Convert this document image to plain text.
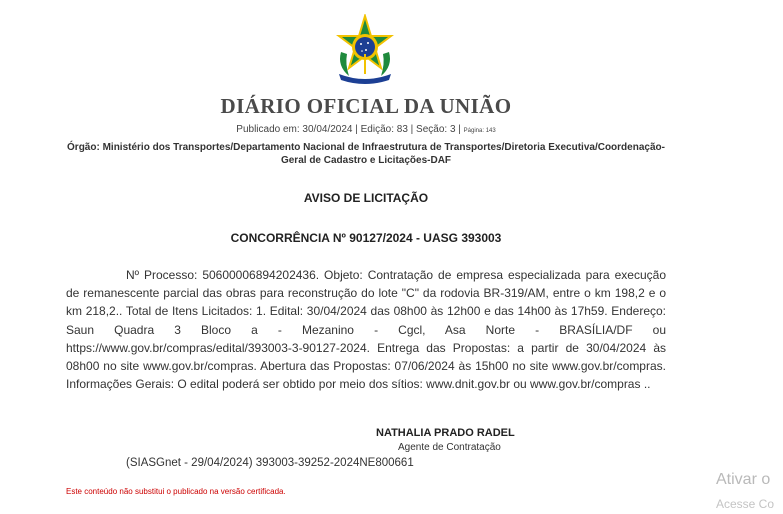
DIÁRIO OFICIAL DA UNIÃO
Publicado em: 30/04/2024 | Edição: 83 | Seção: 3 | Página: 143
Órgão: Ministério dos Transportes/Departamento Nacional de Infraestrutura de Transportes/Diretoria Executiva/Coordenação-Geral de Cadastro e Licitações-DAF
AVISO DE LICITAÇÃO
CONCORRÊNCIA Nº 90127/2024 - UASG 393003

Nº Processo: 50600006894202436. Objeto: Contratação de empresa especializada para execução de remanescente parcial das obras para reconstrução do lote "C" da rodovia BR-319/AM, entre o km 198,2 e o km 218,2.. Total de Itens Licitados: 1. Edital: 30/04/2024 das 08h00 às 12h00 e das 14h00 às 17h59. Endereço: Saun Quadra 3 Bloco a - Mezanino - Cgcl, Asa Norte - BRASÍLIA/DF ou https://www.gov.br/compras/edital/393003-3-90127-2024. Entrega das Propostas: a partir de 30/04/2024 às 08h00 no site www.gov.br/compras. Abertura das Propostas: 07/06/2024 às 15h00 no site www.gov.br/compras. Informações Gerais: O edital poderá ser obtido por meio dos sítios: www.dnit.gov.br ou www.gov.br/compras ..

NATHALIA PRADO RADEL
Agente de Contratação
(SIASGnet - 29/04/2024) 393003-39252-2024NE800661
Este conteúdo não substitui o publicado na versão certificada.
Ativar o
Acesse Co
